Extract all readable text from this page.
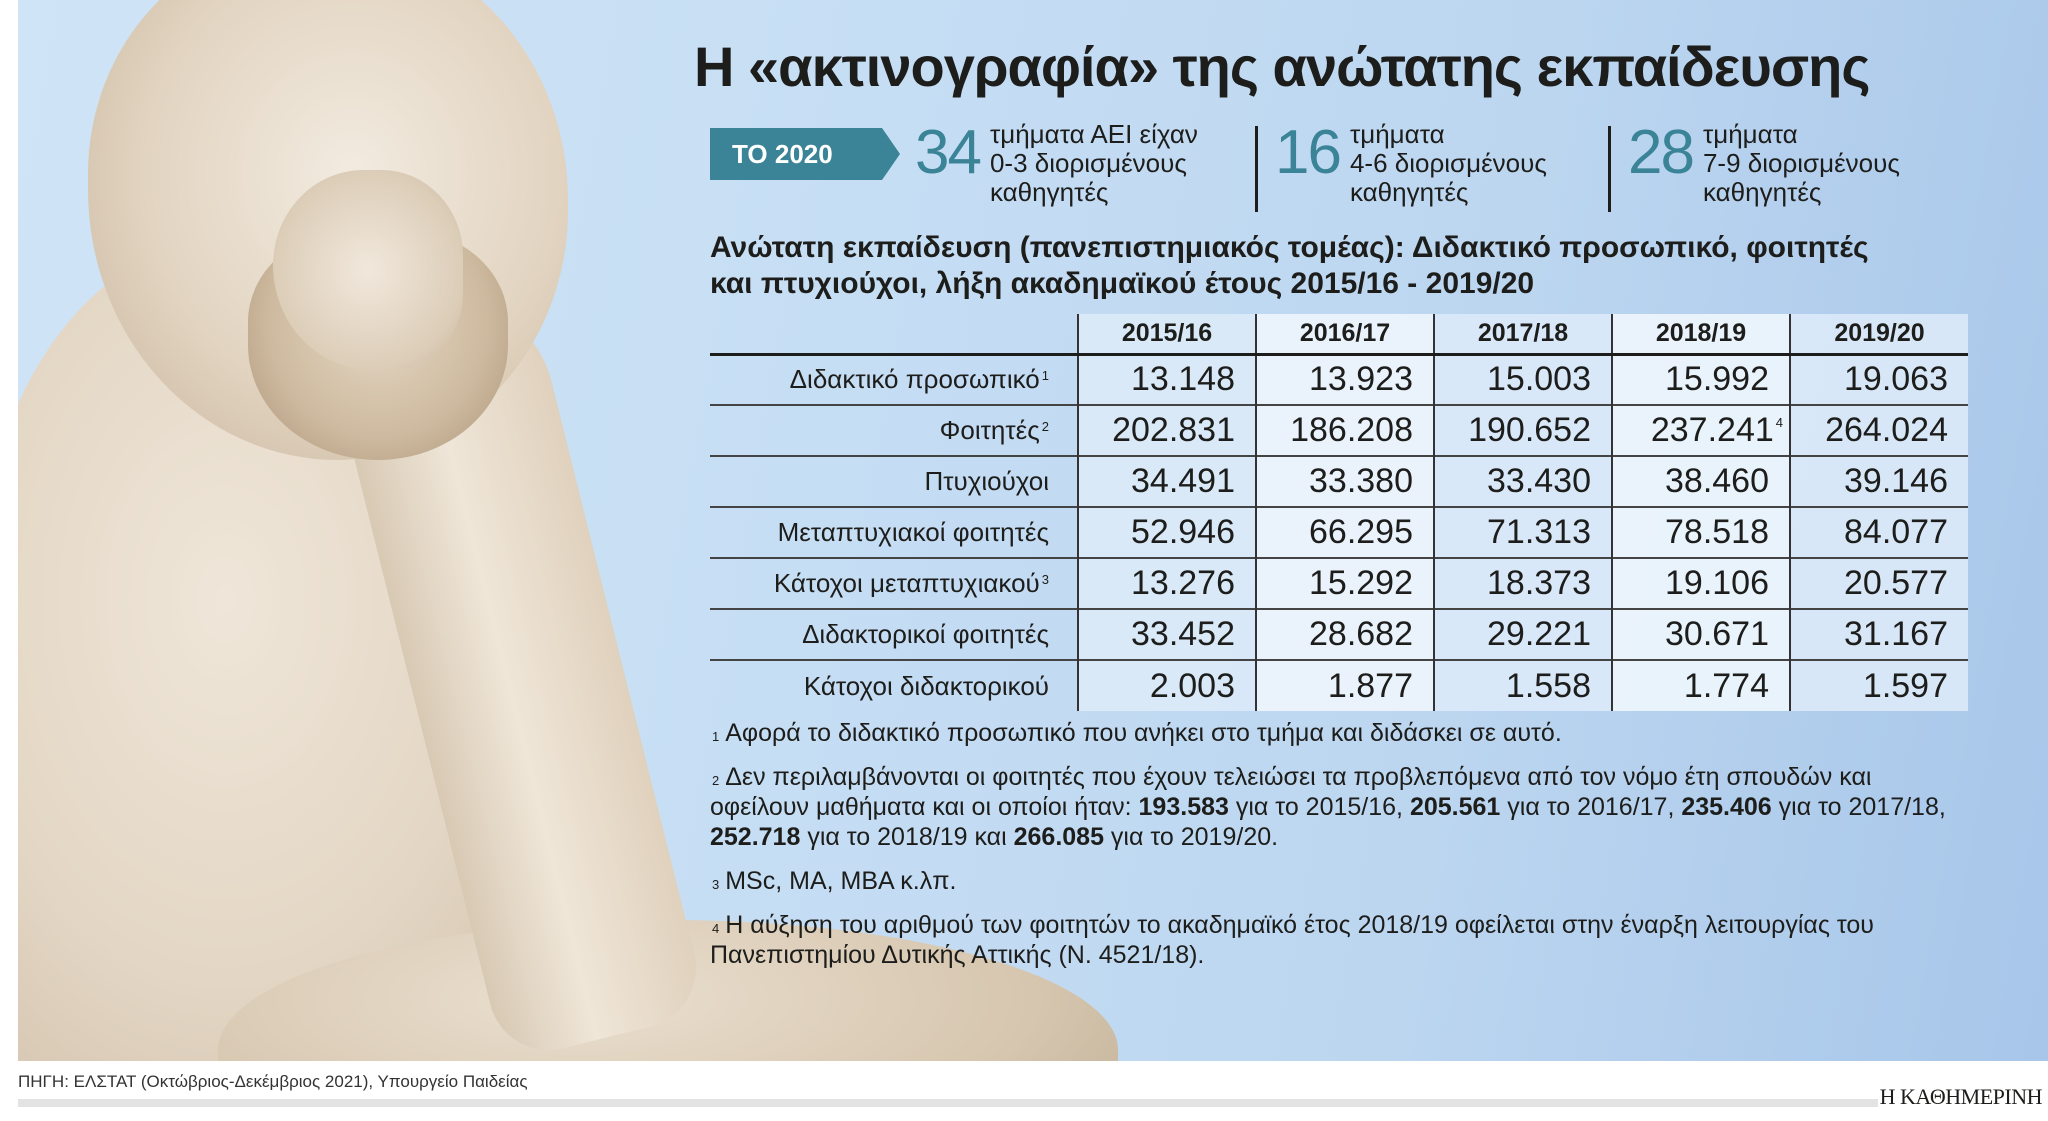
Η «ακτινογραφία» της ανώτατης εκπαίδευσης
ΤΟ 2020	34 τμήματα ΑΕΙ είχαν
0-3 διορισμένους
καθηγητές
16 τμήματα
4-6 διορισμένους
καθηγητές
28 τμήματα
7-9 διορισμένους
καθηγητές
Ανώτατη εκπαίδευση (πανεπιστημιακός τομέας): Διδακτικό προσωπικό, φοιτητές
και πτυχιούχοι, λήξη ακαδημαϊκού έτους 2015/16 - 2019/20
	2015/16	2016/17	2017/18	2018/19	2019/20
Διδακτικό προσωπικό $^1$	13.148	13.923	15.003	15.992	19.063
Φοιτητές $^2$	202.831	186.208	190.652	237.241 $^4$	264.024
Πτυχιούχοι	34.491	33.380	33.430	38.460	39.146
Μεταπτυχιακοί φοιτητές	52.946	66.295	71.313	78.518	84.077
Κάτοχοι μεταπτυχιακού $^3$	13.276	15.292	18.373	19.106	20.577
Διδακτορικοί φοιτητές	33.452	28.682	29.221	30.671	31.167
Κάτοχοι διδακτορικού	2.003	1.877	1.558	1.774	1.597
$^1$ Αφορά το διδακτικό προσωπικό που ανήκει στο τμήμα και διδάσκει σε αυτό.
$^2$ Δεν περιλαμβάνονται οι φοιτητές που έχουν τελειώσει τα προβλεπόμενα από τον νόμο έτη σπουδών και οφείλουν μαθήματα και οι οποίοι ήταν: 193.583 για το 2015/16, 205.561 για το 2016/17, 235.406 για το 2017/18, 252.718 για το 2018/19 και 266.085 για το 2019/20.
$^3$ MSc, MA, MBA κ.λπ.
$^4$ Η αύξηση του αριθμού των φοιτητών το ακαδημαϊκό έτος 2018/19 οφείλεται στην έναρξη λειτουργίας του Πανεπιστημίου Δυτικής Αττικής (Ν. 4521/18).
ΠΗΓΗ: ΕΛΣΤΑΤ (Οκτώβριος-Δεκέμβριος 2021), Υπουργείο Παιδείας
Η ΚΑΘΗΜΕΡΙΝΗ
